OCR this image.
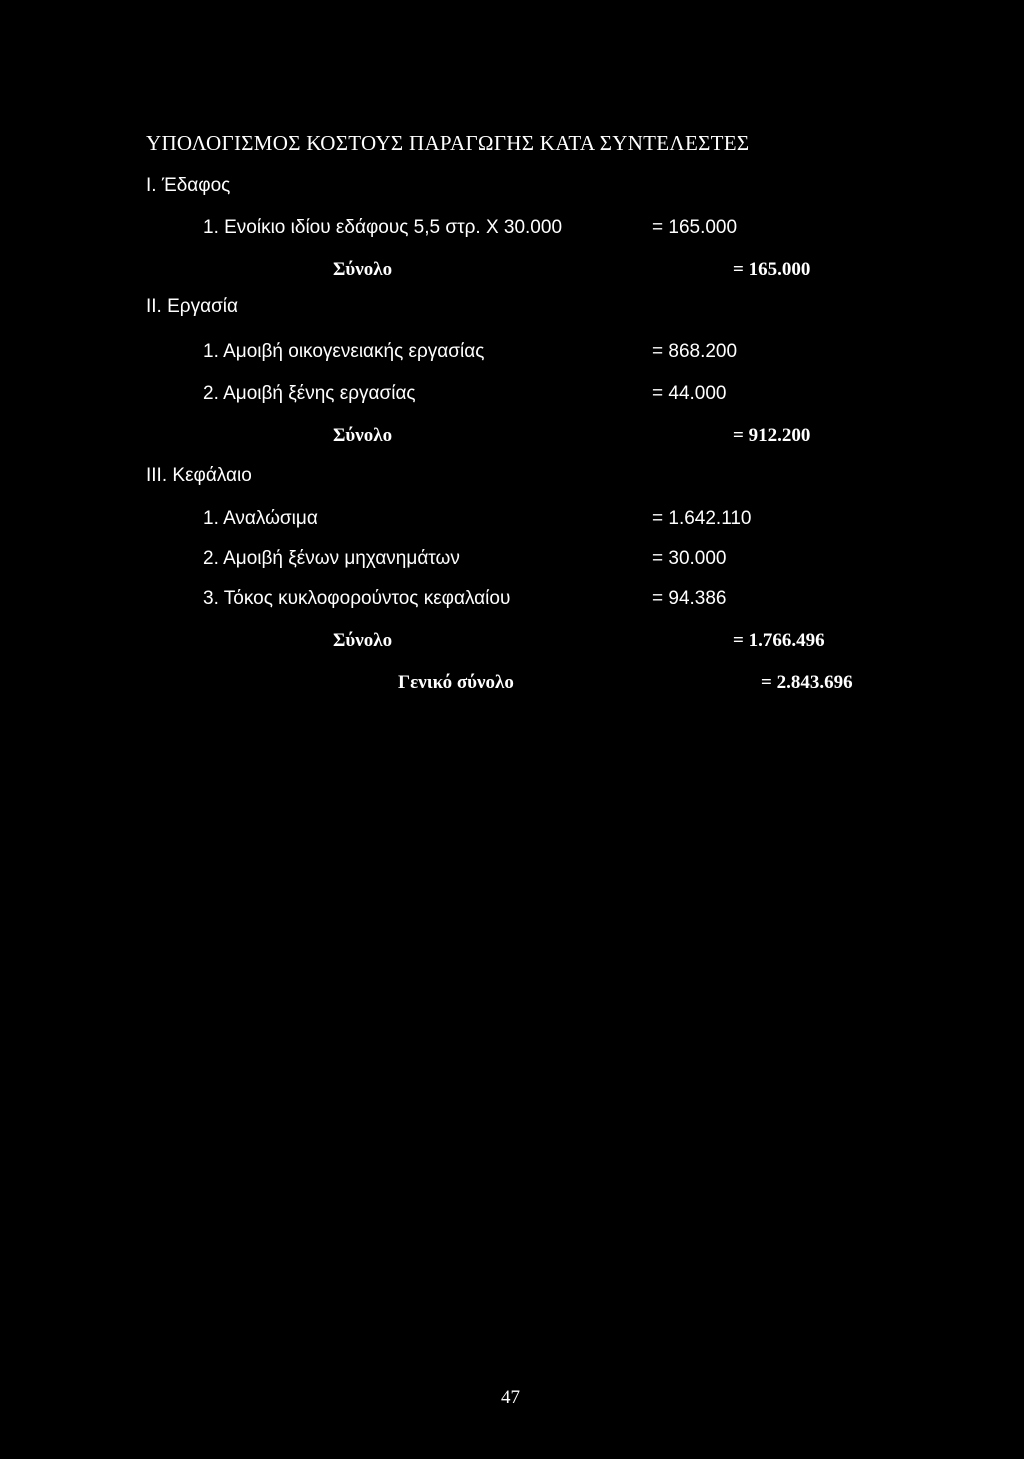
ΥΠΟΛΟΓΙΣΜΟΣ ΚΟΣΤΟΥΣ ΠΑΡΑΓΩΓΗΣ ΚΑΤΑ ΣΥΝΤΕΛΕΣΤΕΣ
Ι. Έδαφος
1. Ενοίκιο ιδίου εδάφους 5,5 στρ. Χ 30.000	= 165.000
Σύνολο	= 165.000
ΙΙ. Εργασία
1. Αμοιβή οικογενειακής εργασίας	= 868.200
2. Αμοιβή ξένης εργασίας	= 44.000
Σύνολο	= 912.200
ΙΙΙ. Κεφάλαιο
1. Αναλώσιμα	= 1.642.110
2. Αμοιβή ξένων μηχανημάτων	= 30.000
3. Τόκος κυκλοφορούντος κεφαλαίου	= 94.386
Σύνολο	= 1.766.496
Γενικό σύνολο	= 2.843.696
47
